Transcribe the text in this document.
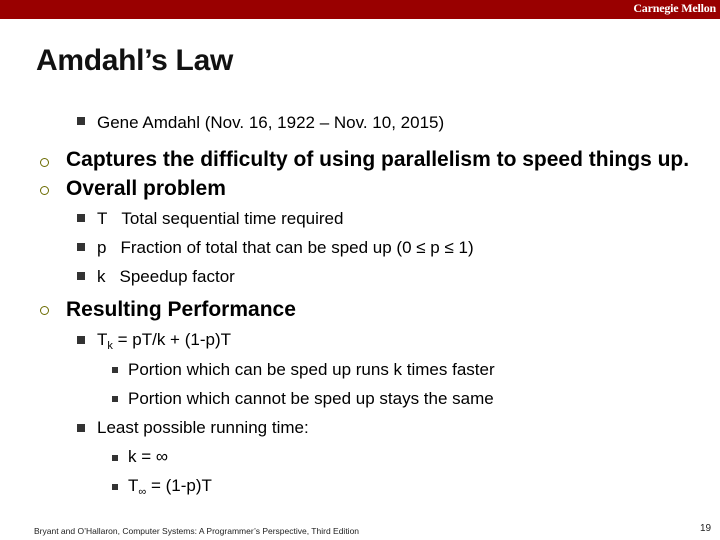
Carnegie Mellon
Amdahl’s Law
Gene Amdahl (Nov. 16, 1922 – Nov. 10, 2015)
Captures the difficulty of using parallelism to speed things up.
Overall problem
T Total sequential time required
p Fraction of total that can be sped up (0 ≤ p ≤ 1)
k Speedup factor
Resulting Performance
$T_k = pT/k + (1-p)T$
Portion which can be sped up runs k times faster
Portion which cannot be sped up stays the same
Least possible running time:
k = ∞
$T_\infty = (1-p)T$
Bryant and O’Hallaron, Computer Systems: A Programmer’s Perspective, Third Edition	19
